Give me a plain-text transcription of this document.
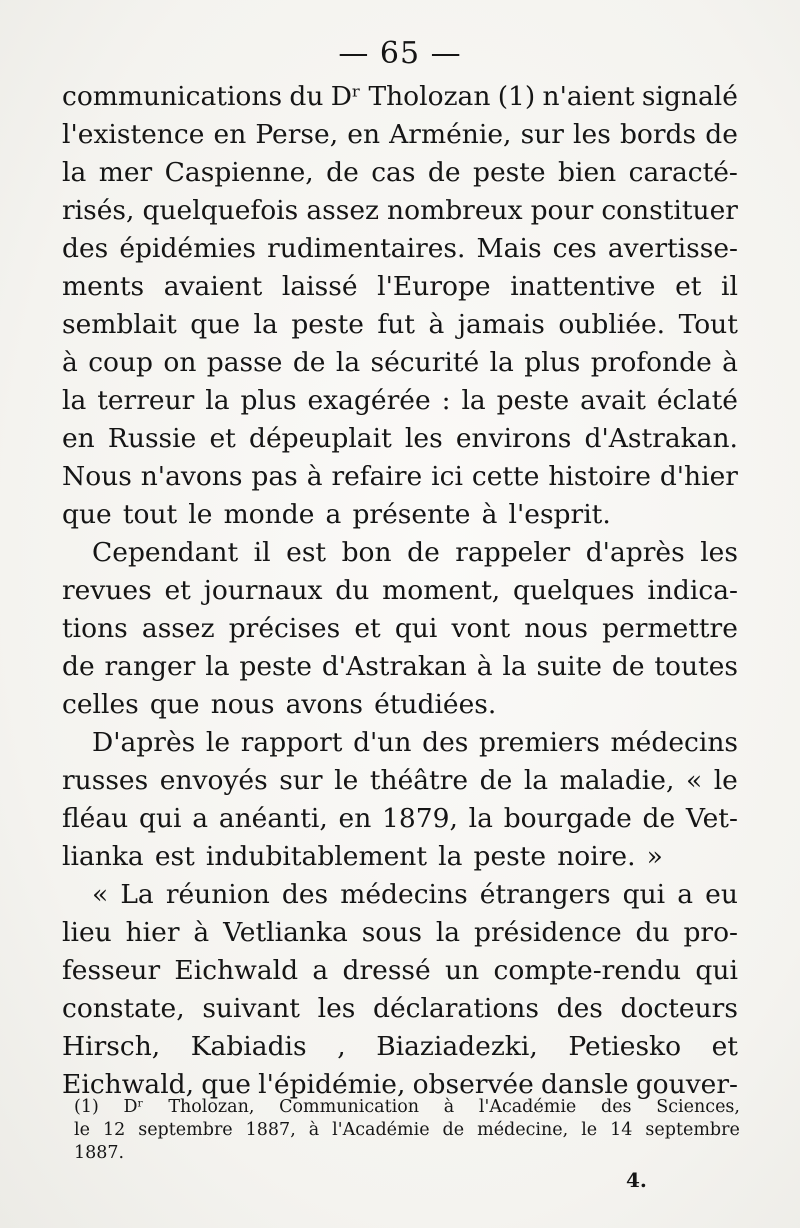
— 65 —
communications du Dʳ Tholozan (1) n'aient signalé
l'existence en Perse, en Arménie, sur les bords de
la mer Caspienne, de cas de peste bien caracté-
risés, quelquefois assez nombreux pour constituer
des épidémies rudimentaires. Mais ces avertisse-
ments avaient laissé l'Europe inattentive et il
semblait que la peste fut à jamais oubliée. Tout
à coup on passe de la sécurité la plus profonde à
la terreur la plus exagérée : la peste avait éclaté
en Russie et dépeuplait les environs d'Astrakan.
Nous n'avons pas à refaire ici cette histoire d'hier
que tout le monde a présente à l'esprit.
Cependant il est bon de rappeler d'après les
revues et journaux du moment, quelques indica-
tions assez précises et qui vont nous permettre
de ranger la peste d'Astrakan à la suite de toutes
celles que nous avons étudiées.
D'après le rapport d'un des premiers médecins
russes envoyés sur le théâtre de la maladie, « le
fléau qui a anéanti, en 1879, la bourgade de Vet-
lianka est indubitablement la peste noire. »
« La réunion des médecins étrangers qui a eu
lieu hier à Vetlianka sous la présidence du pro-
fesseur Eichwald a dressé un compte-rendu qui
constate, suivant les déclarations des docteurs
Hirsch, Kabiadis , Biaziadezki, Petiesko et
Eichwald, que l'épidémie, observée dansle gouver-
(1) Dʳ Tholozan, Communication à l'Académie des Sciences,
le 12 septembre 1887, à l'Académie de médecine, le 14 septembre
1887.
4.
